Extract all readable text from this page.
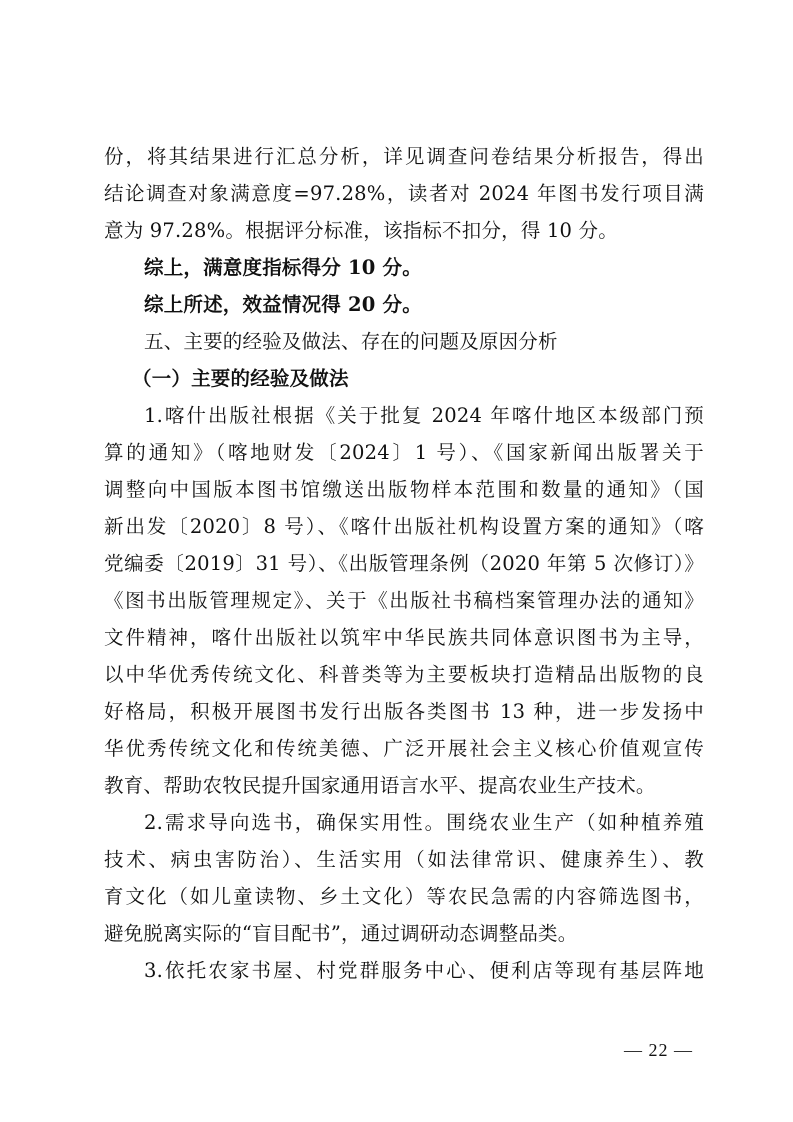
份，将其结果进行汇总分析，详见调查问卷结果分析报告，得出
结论调查对象满意度=97.28%，读者对 2024 年图书发行项目满
意为 97.28%。根据评分标准，该指标不扣分，得 10 分。
综上，满意度指标得分 10 分。
综上所述，效益情况得 20 分。
五、主要的经验及做法、存在的问题及原因分析
（一）主要的经验及做法
1.喀什出版社根据《关于批复 2024 年喀什地区本级部门预
算的通知》（喀地财发〔2024〕1 号）、《国家新闻出版署关于
调整向中国版本图书馆缴送出版物样本范围和数量的通知》（国
新出发〔2020〕8 号）、《喀什出版社机构设置方案的通知》（喀
党编委〔2019〕31 号）、《出版管理条例（2020 年第 5 次修订）》
《图书出版管理规定》、关于《出版社书稿档案管理办法的通知》
文件精神，喀什出版社以筑牢中华民族共同体意识图书为主导，
以中华优秀传统文化、科普类等为主要板块打造精品出版物的良
好格局，积极开展图书发行出版各类图书 13 种，进一步发扬中
华优秀传统文化和传统美德、广泛开展社会主义核心价值观宣传
教育、帮助农牧民提升国家通用语言水平、提高农业生产技术。
2.需求导向选书，确保实用性。围绕农业生产（如种植养殖
技术、病虫害防治）、生活实用（如法律常识、健康养生）、教
育文化（如儿童读物、乡土文化）等农民急需的内容筛选图书，
避免脱离实际的“盲目配书”，通过调研动态调整品类。
3.依托农家书屋、村党群服务中心、便利店等现有基层阵地
— 22 —
